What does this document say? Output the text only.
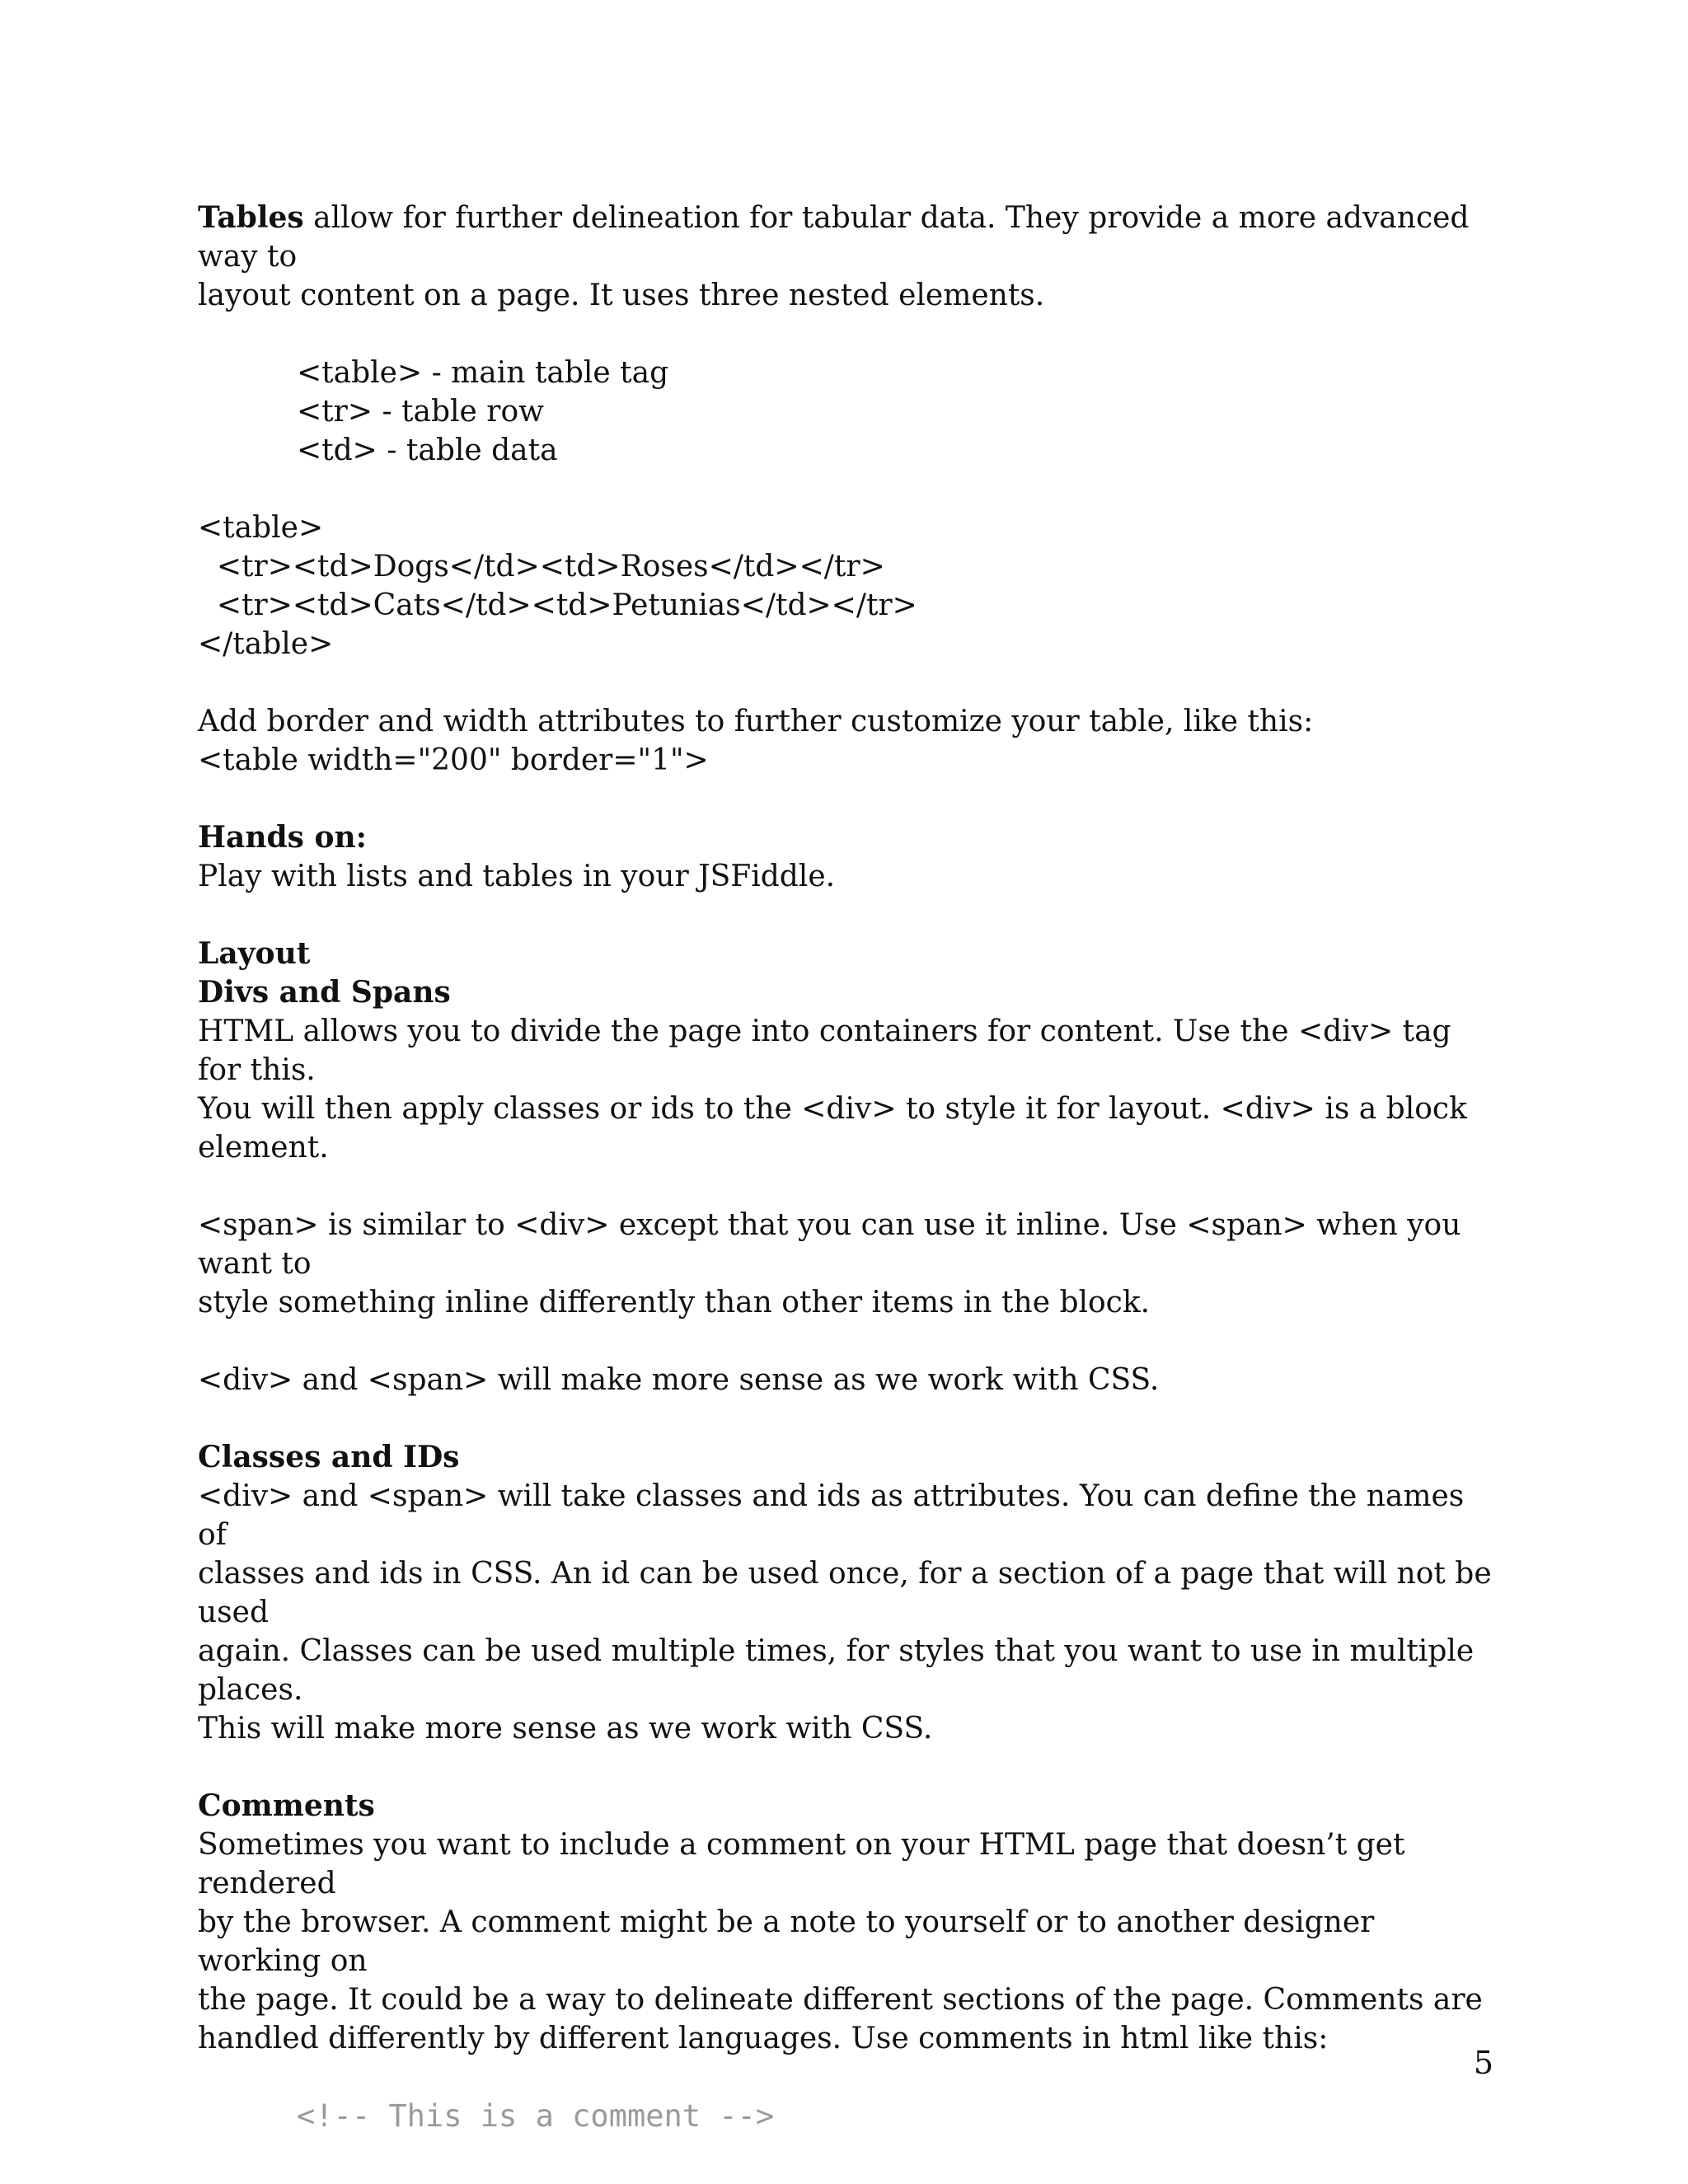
Tables allow for further delineation for tabular data. They provide a more advanced way to

layout content on a page. It uses three nested elements.

<table> - main table tag

<tr> - table row

<td> - table data

<table>

<tr><td>Dogs</td><td>Roses</td></tr>

<tr><td>Cats</td><td>Petunias</td></tr>

</table>

Add border and width attributes to further customize your table, like this:

<table width="200" border="1">

Hands on:

Play with lists and tables in your JSFiddle.

Layout

Divs and Spans

HTML allows you to divide the page into containers for content. Use the <div> tag for this.

You will then apply classes or ids to the <div> to style it for layout. <div> is a block element.

<span> is similar to <div> except that you can use it inline. Use <span> when you want to

style something inline differently than other items in the block.

<div> and <span> will make more sense as we work with CSS.

Classes and IDs

<div> and <span> will take classes and ids as attributes. You can define the names of

classes and ids in CSS. An id can be used once, for a section of a page that will not be used

again. Classes can be used multiple times, for styles that you want to use in multiple places.

This will make more sense as we work with CSS.

Comments

Sometimes you want to include a comment on your HTML page that doesn’t get rendered

by the browser. A comment might be a note to yourself or to another designer working on

the page. It could be a way to delineate different sections of the page. Comments are

handled differently by different languages. Use comments in html like this:

<!-- This is a comment -->

5
